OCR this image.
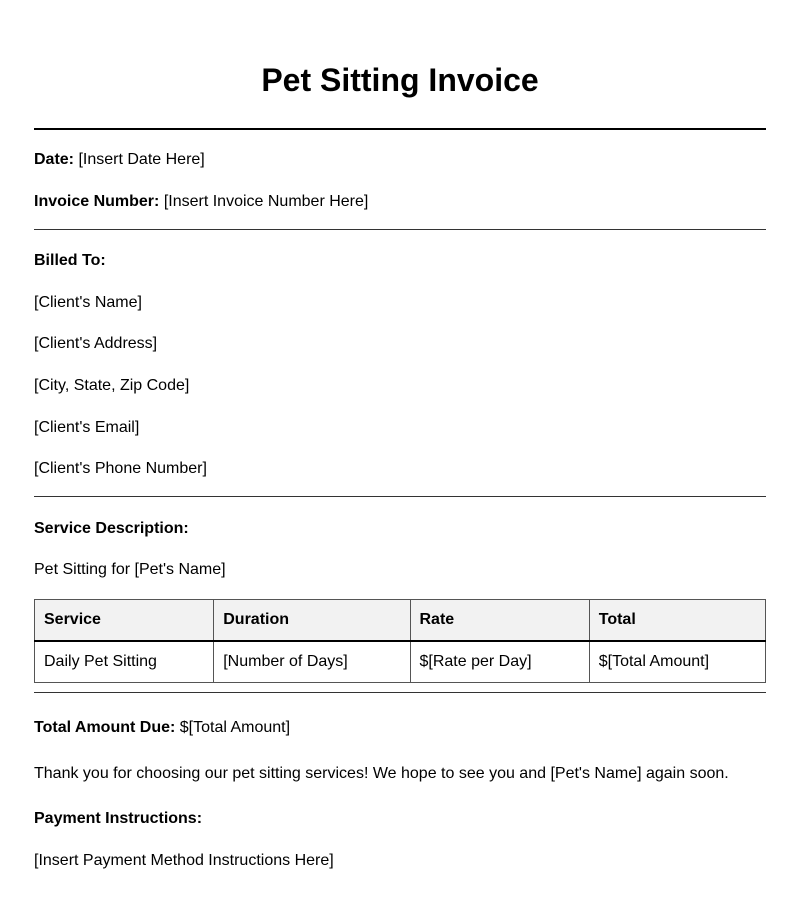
Pet Sitting Invoice
Date: [Insert Date Here]
Invoice Number: [Insert Invoice Number Here]
Billed To:
[Client's Name]
[Client's Address]
[City, State, Zip Code]
[Client's Email]
[Client's Phone Number]
Service Description:
Pet Sitting for [Pet's Name]
Service	Duration	Rate	Total
Daily Pet Sitting	[Number of Days]	$[Rate per Day]	$[Total Amount]
Total Amount Due: $[Total Amount]
Thank you for choosing our pet sitting services! We hope to see you and [Pet's Name] again soon.
Payment Instructions:
[Insert Payment Method Instructions Here]
